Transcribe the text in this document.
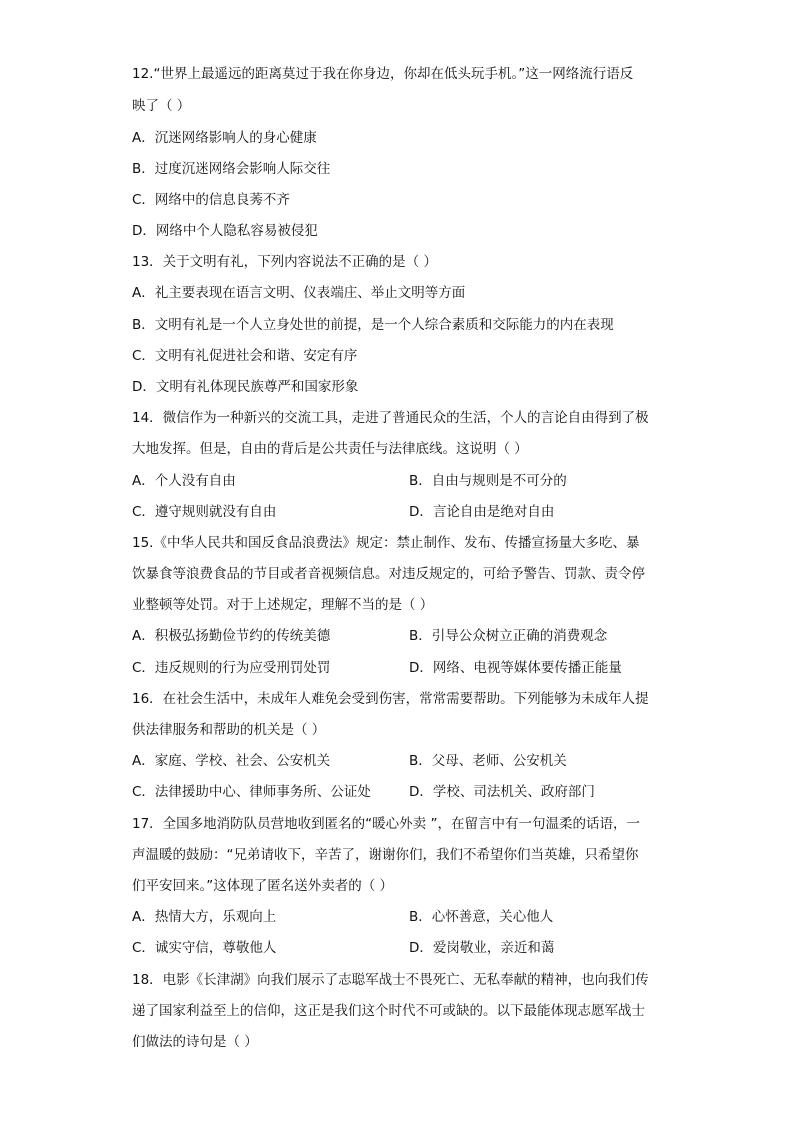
12.“世界上最遥远的距离莫过于我在你身边，你却在低头玩手机。”这一网络流行语反
映了（ ）
A．沉迷网络影响人的身心健康
B．过度沉迷网络会影响人际交往
C．网络中的信息良莠不齐
D．网络中个人隐私容易被侵犯
13．关于文明有礼，下列内容说法不正确的是（ ）
A．礼主要表现在语言文明、仪表端庄、举止文明等方面
B．文明有礼是一个人立身处世的前提，是一个人综合素质和交际能力的内在表现
C．文明有礼促进社会和谐、安定有序
D．文明有礼体现民族尊严和国家形象
14．微信作为一种新兴的交流工具，走进了普通民众的生活，个人的言论自由得到了极
大地发挥。但是，自由的背后是公共责任与法律底线。这说明（ ）
A．个人没有自由	B．自由与规则是不可分的
C．遵守规则就没有自由	D．言论自由是绝对自由
15.《中华人民共和国反食品浪费法》规定：禁止制作、发布、传播宣扬量大多吃、暴
饮暴食等浪费食品的节目或者音视频信息。对违反规定的，可给予警告、罚款、责令停
业整顿等处罚。对于上述规定，理解不当的是（ ）
A．积极弘扬勤俭节约的传统美德	B．引导公众树立正确的消费观念
C．违反规则的行为应受刑罚处罚	D．网络、电视等媒体要传播正能量
16．在社会生活中，未成年人难免会受到伤害，常常需要帮助。下列能够为未成年人提
供法律服务和帮助的机关是（ ）
A．家庭、学校、社会、公安机关	B．父母、老师、公安机关
C．法律援助中心、律师事务所、公证处	D．学校、司法机关、政府部门
17．全国多地消防队员营地收到匿名的“暖心外卖 ”，在留言中有一句温柔的话语，一
声温暖的鼓励：“兄弟请收下，辛苦了，谢谢你们，我们不希望你们当英雄，只希望你
们平安回来。”这体现了匿名送外卖者的（ ）
A．热情大方，乐观向上	B．心怀善意，关心他人
C．诚实守信，尊敬他人	D．爱岗敬业，亲近和蔼
18．电影《长津湖》向我们展示了志聪军战士不畏死亡、无私奉献的精神，也向我们传
递了国家利益至上的信仰，这正是我们这个时代不可或缺的。以下最能体现志愿军战士
们做法的诗句是（ ）
